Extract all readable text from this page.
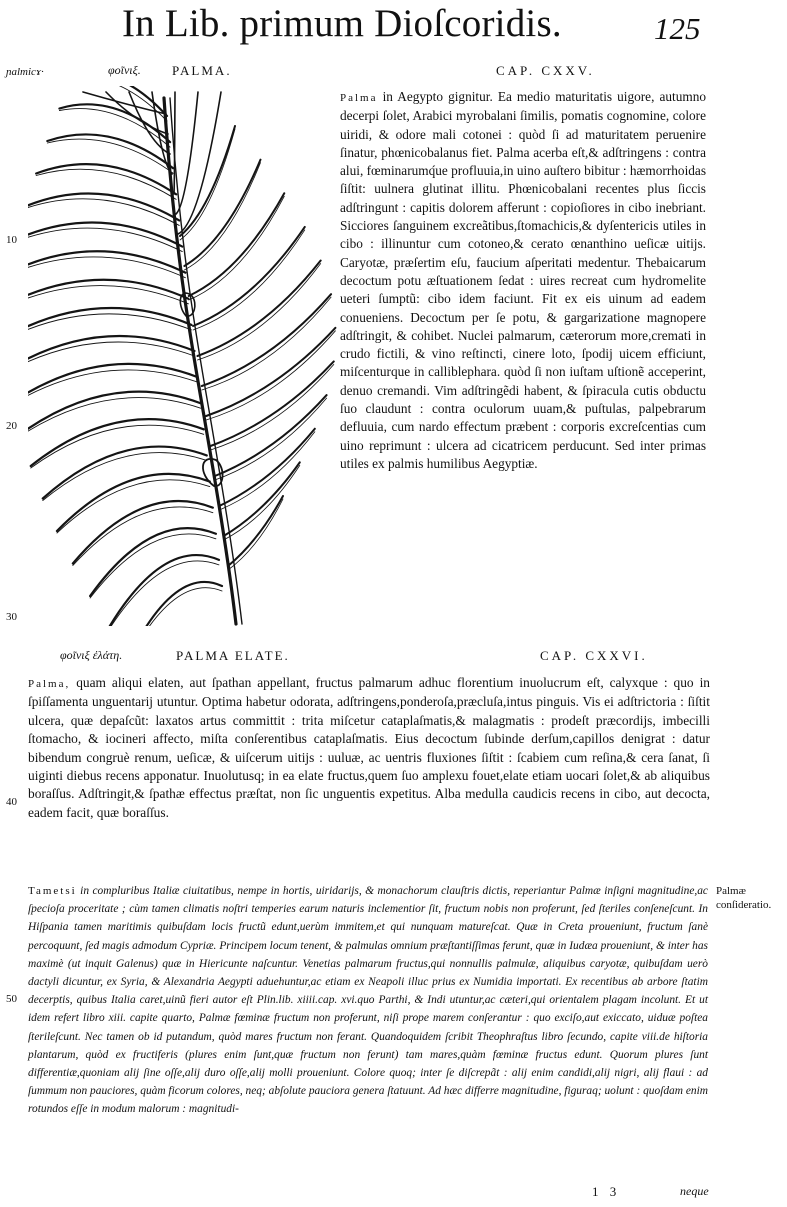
In Lib. primum Dioſcoridis.	125
ɲalmicɤ·	φοῖνιξ. PALMA.	CAP. CXXV.
10
20
30
40
50

Palma in Aegypto gignitur. Ea medio maturitatis uigore, autumno decerpi ſolet, Arabici myrobalani ſimilis, pomatis cognomine, colore uiridi, & odore mali cotonei : quòd ſi ad maturitatem peruenire ſinatur, phœnicobalanus fiet. Palma acerba eſt,& adſtringens : contra alui, fœminarumq́ue profluuia,in uino auſtero bibitur : hæmorrhoidas ſiſtit: uulnera glutinat illitu. Phœnicobalani recentes plus ſiccis adſtringunt : capitis dolorem afferunt : copioſiores in cibo inebriant. Sicciores ſanguinem excreãtibus,ſtomachicis,& dyſentericis utiles in cibo : illinuntur cum cotoneo,& cerato œnanthino ueſicæ uitijs. Caryotæ, præſertim eſu, faucium aſperitati medentur. Thebaicarum decoctum potu æſtuationem ſedat : uires recreat cum hydromelite ueteri ſumptũ: cibo idem faciunt. Fit ex eis uinum ad eadem conueniens. Decoctum per ſe potu, & gargarizatione magnopere adſtringit, & cohibet. Nuclei palmarum, cæterorum more,cremati in crudo fictili, & vino reſtincti, cinere loto, ſpodij uicem efficiunt, miſcenturque in calliblephara. quòd ſi non iuſtam uſtionẽ acceperint, denuo cremandi. Vim adſtringẽdi habent, & ſpiracula cutis obductu ſuo claudunt : contra oculorum uuam,& puſtulas, palpebrarum defluuia, cum nardo effectum præbent : corporis excreſcentias cum uino reprimunt : ulcera ad cicatricem perducunt. Sed inter primas utiles ex palmis humilibus Aegyptiæ.

φοῖνιξ ἐλάτη.	PALMA ELATE.	CAP. CXXVI.

Palma, quam aliqui elaten, aut ſpathan appellant, fructus palmarum adhuc florentium inuolucrum eſt, calyxque : quo in ſpiſſamenta unguentarij utuntur. Optima habetur odorata, adſtringens,ponderoſa,præcluſa,intus pinguis. Vis ei adſtrictoria : ſiſtit ulcera, quæ depaſcũt: laxatos artus committit : trita miſcetur cataplaſmatis,& malagmatis : prodeſt præcordijs, imbecilli ſtomacho, & iocineri affecto, miſta conſerentibus cataplaſmatis. Eius decoctum ſubinde derſum,capillos denigrat : datur bibendum congruè renum, ueſicæ, & uiſcerum uitijs : uuluæ, ac uentris fluxiones ſiſtit : ſcabiem cum reſina,& cera ſanat, ſi uiginti diebus recens apponatur. Inuolutusq; in ea elate fructus,quem ſuo amplexu fouet,elate etiam uocari ſolet,& ab aliquibus boraſſus. Adſtringit,& ſpathæ effectus præſtat, non ſic unguentis expetitus. Alba medulla caudicis recens in cibo, aut decocta, eadem facit, quæ boraſſus.

Tametsi in compluribus Italiæ ciuitatibus, nempe in hortis, uiridarijs, & monachorum clauſtris dictis, reperiantur Palmæ inſigni magnitudine,ac ſpecioſa proceritate ; cùm tamen climatis noſtri temperies earum naturis inclementior ſit, fructum nobis non proferunt, ſed ſteriles conſeneſcunt. In Hiſpania tamen maritimis quibuſdam locis fructũ edunt,uerùm immitem,et qui nunquam matureſcat. Quæ in Creta proueniunt, fructum ſanè percoquunt, ſed magis admodum Cypriæ. Principem locum tenent, & palmulas omnium præſtantiſſimas ferunt, quæ in Iudæa proueniunt, & inter has maximè (ut inquit Galenus) quæ in Hiericunte naſcuntur. Venetias palmarum fructus,qui nonnullis palmulæ, aliquibus caryotæ, quibuſdam uerò dactyli dicuntur, ex Syria, & Alexandria Aegypti aduehuntur,ac etiam ex Neapoli illuc prius ex Numidia importati. Ex recentibus ab arbore ſtatim decerptis, quibus Italia caret,uinũ fieri autor eſt Plin.lib. xiiii.cap. xvi.quo Parthi, & Indi utuntur,ac cæteri,qui orientalem plagam incolunt. Et ut idem refert libro xiii. capite quarto, Palmæ fœminæ fructum non proferunt, niſi prope marem conſerantur : quo exciſo,aut exiccato, uiduæ poſtea ſterileſcunt. Nec tamen ob id putandum, quòd mares fructum non ferant. Quandoquidem ſcribit Theophraſtus libro ſecundo, capite viii.de hiſtoria plantarum, quòd ex fructiferis (plures enim ſunt,quæ fructum non ferunt) tam mares,quàm fœminæ fructus edunt. Quorum plures ſunt differentiæ,quoniam alij ſine oſſe,alij duro oſſe,alij molli proueniunt. Colore quoq; inter ſe diſcrepãt : alij enim candidi,alij nigri, alij flaui : ad ſummum non pauciores, quàm ficorum colores, neq; abſolute pauciora genera ſtatuunt. Ad hæc differre magnitudine, figuraq; uolunt : quoſdam enim rotundos eſſe in modum malorum : magnitudi-

Palmæ conſideratio.
1 3	neque
